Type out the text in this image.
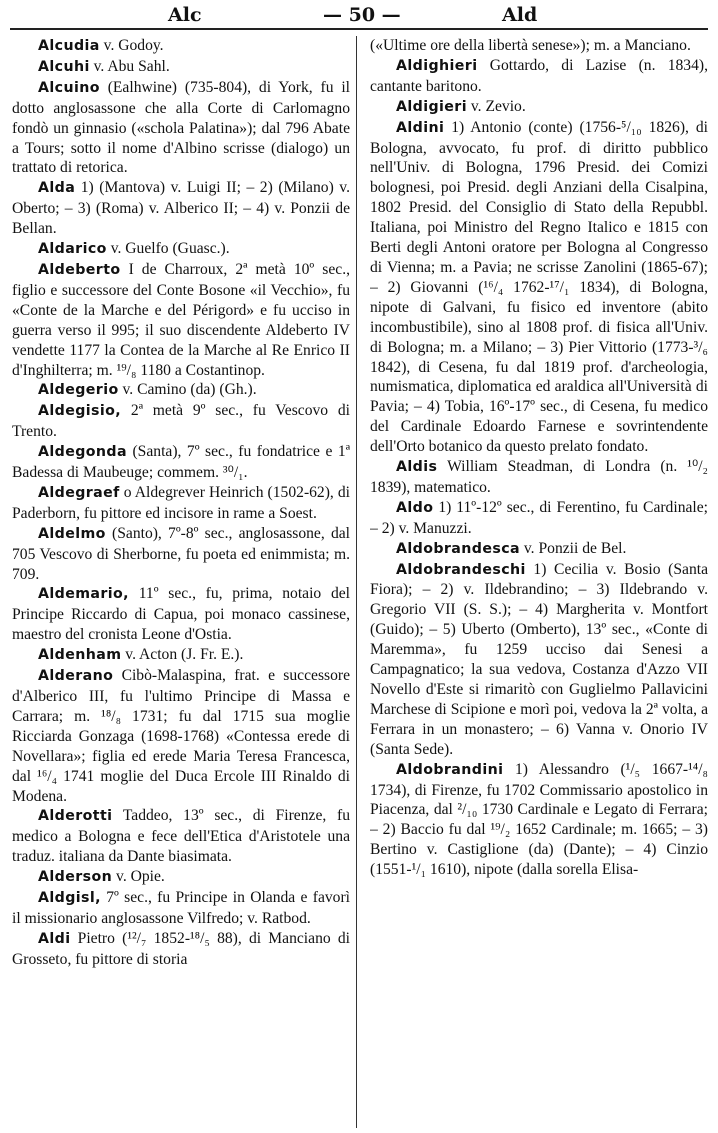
Alc	— 50 —	Ald

Alcudia v. Godoy.

Alcuhi v. Abu Sahl.

Alcuino (Ealhwine) (735-804), di York, fu il dotto anglosassone che alla Corte di Carlomagno fondò un ginnasio («schola Palatina»); dal 796 Abate a Tours; sotto il nome d'Albino scrisse (dialogo) un trattato di retorica.

Alda 1) (Mantova) v. Luigi II; – 2) (Milano) v. Oberto; – 3) (Roma) v. Alberico II; – 4) v. Ponzii de Bellan.

Aldarico v. Guelfo (Guasc.).

Aldeberto I de Charroux, 2ª metà 10º sec., figlio e successore del Conte Bosone «il Vecchio», fu «Conte de la Marche e del Périgord» e fu ucciso in guerra verso il 995; il suo discendente Aldeberto IV vendette 1177 la Contea de la Marche al Re Enrico II d'Inghilterra; m. ¹⁹/₈ 1180 a Costantinop.

Aldegerio v. Camino (da) (Gh.).

Aldegisio, 2ª metà 9º sec., fu Vescovo di Trento.

Aldegonda (Santa), 7º sec., fu fondatrice e 1ª Badessa di Maubeuge; commem. ³⁰/₁.

Aldegraef o Aldegrever Heinrich (1502-62), di Paderborn, fu pittore ed incisore in rame a Soest.

Aldelmo (Santo), 7º-8º sec., anglosassone, dal 705 Vescovo di Sherborne, fu poeta ed enimmista; m. 709.

Aldemario, 11º sec., fu, prima, notaio del Principe Riccardo di Capua, poi monaco cassinese, maestro del cronista Leone d'Ostia.

Aldenham v. Acton (J. Fr. E.).

Alderano Cibò-Malaspina, frat. e successore d'Alberico III, fu l'ultimo Principe di Massa e Carrara; m. ¹⁸/₈ 1731; fu dal 1715 sua moglie Ricciarda Gonzaga (1698-1768) «Contessa erede di Novellara»; figlia ed erede Maria Teresa Francesca, dal ¹⁶/₄ 1741 moglie del Duca Ercole III Rinaldo di Modena.

Alderotti Taddeo, 13º sec., di Firenze, fu medico a Bologna e fece dell'Etica d'Aristotele una traduz. italiana da Dante biasimata.

Alderson v. Opie.

Aldgisl, 7º sec., fu Principe in Olanda e favorì il missionario anglosassone Vilfredo; v. Ratbod.

Aldi Pietro (¹²/₇ 1852-¹⁸/₅ 88), di Manciano di Grosseto, fu pittore di storia

(«Ultime ore della libertà senese»); m. a Manciano.

Aldighieri Gottardo, di Lazise (n. 1834), cantante baritono.

Aldigieri v. Zevio.

Aldini 1) Antonio (conte) (1756-⁵/₁₀ 1826), di Bologna, avvocato, fu prof. di diritto pubblico nell'Univ. di Bologna, 1796 Presid. dei Comizi bolognesi, poi Presid. degli Anziani della Cisalpina, 1802 Presid. del Consiglio di Stato della Repubbl. Italiana, poi Ministro del Regno Italico e 1815 con Berti degli Antoni oratore per Bologna al Congresso di Vienna; m. a Pavia; ne scrisse Zanolini (1865-67); – 2) Giovanni (¹⁶/₄ 1762-¹⁷/₁ 1834), di Bologna, nipote di Galvani, fu fisico ed inventore (abito incombustibile), sino al 1808 prof. di fisica all'Univ. di Bologna; m. a Milano; – 3) Pier Vittorio (1773-³/₆ 1842), di Cesena, fu dal 1819 prof. d'archeologia, numismatica, diplomatica ed araldica all'Università di Pavia; – 4) Tobia, 16º-17º sec., di Cesena, fu medico del Cardinale Edoardo Farnese e sovrintendente dell'Orto botanico da questo prelato fondato.

Aldis William Steadman, di Londra (n. ¹⁰/₂ 1839), matematico.

Aldo 1) 11º-12º sec., di Ferentino, fu Cardinale; – 2) v. Manuzzi.

Aldobrandesca v. Ponzii de Bel.

Aldobrandeschi 1) Cecilia v. Bosio (Santa Fiora); – 2) v. Ildebrandino; – 3) Ildebrando v. Gregorio VII (S. S.); – 4) Margherita v. Montfort (Guido); – 5) Uberto (Omberto), 13º sec., «Conte di Maremma», fu 1259 ucciso dai Senesi a Campagnatico; la sua vedova, Costanza d'Azzo VII Novello d'Este si rimaritò con Guglielmo Pallavicini Marchese di Scipione e morì poi, vedova la 2ª volta, a Ferrara in un monastero; – 6) Vanna v. Onorio IV (Santa Sede).

Aldobrandini 1) Alessandro (¹/₅ 1667-¹⁴/₈ 1734), di Firenze, fu 1702 Commissario apostolico in Piacenza, dal ²/₁₀ 1730 Cardinale e Legato di Ferrara; – 2) Baccio fu dal ¹⁹/₂ 1652 Cardinale; m. 1665; – 3) Bertino v. Castiglione (da) (Dante); – 4) Cinzio (1551-¹/₁ 1610), nipote (dalla sorella Elisa-
